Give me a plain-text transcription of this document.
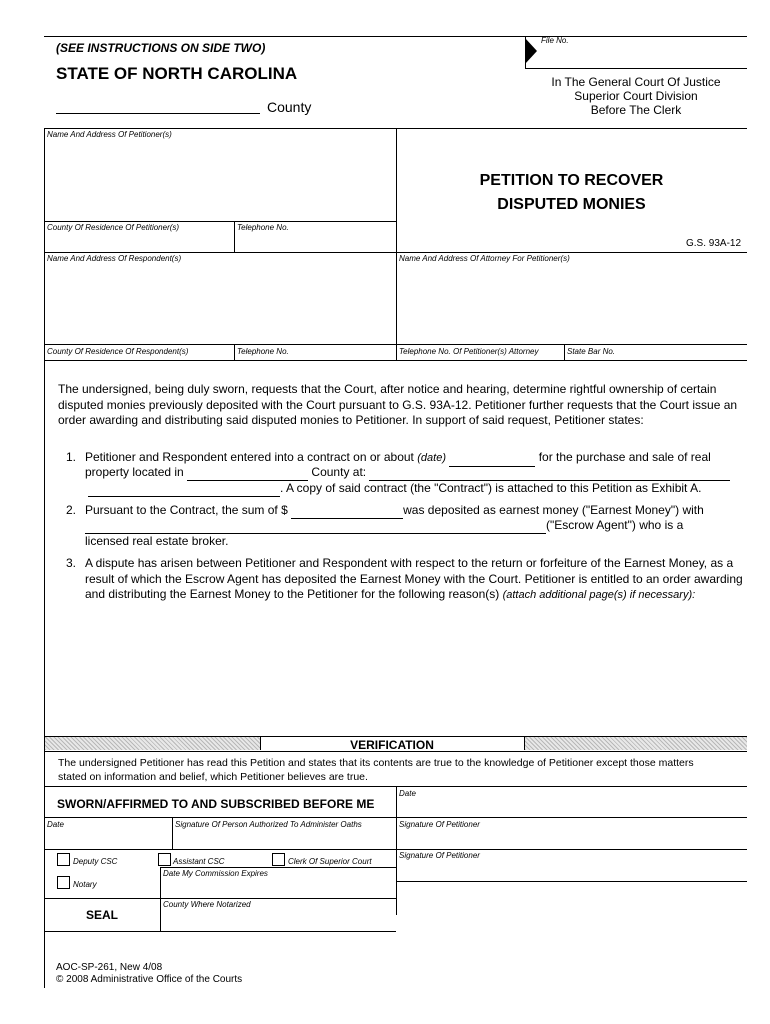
(SEE INSTRUCTIONS ON SIDE TWO)
STATE OF NORTH CAROLINA
County
File No.
In The General Court Of Justice
Superior Court Division
Before The Clerk
Name And Address Of Petitioner(s)
County Of Residence Of Petitioner(s)	Telephone No.
PETITION TO RECOVER
DISPUTED MONIES
G.S. 93A-12
Name And Address Of Respondent(s)	Name And Address Of Attorney For Petitioner(s)
County Of Residence Of Respondent(s)	Telephone No.	Telephone No. Of Petitioner(s) Attorney	State Bar No.
The undersigned, being duly sworn, requests that the Court, after notice and hearing, determine rightful ownership of certain disputed monies previously deposited with the Court pursuant to G.S. 93A-12. Petitioner further requests that the Court issue an order awarding and distributing said disputed monies to Petitioner. In support of said request, Petitioner states:
1. Petitioner and Respondent entered into a contract on or about (date)	for the purchase and sale of real
property located in	County at:
. A copy of said contract (the "Contract") is attached to this Petition as Exhibit A.
2. Pursuant to the Contract, the sum of $	was deposited as earnest money ("Earnest Money") with
("Escrow Agent") who is a
licensed real estate broker.
3. A dispute has arisen between Petitioner and Respondent with respect to the return or forfeiture of the Earnest Money, as a result of which the Escrow Agent has deposited the Earnest Money with the Court. Petitioner is entitled to an order awarding and distributing the Earnest Money to the Petitioner for the following reason(s) (attach additional page(s) if necessary):
VERIFICATION
The undersigned Petitioner has read this Petition and states that its contents are true to the knowledge of Petitioner except those matters stated on information and belief, which Petitioner believes are true.
SWORN/AFFIRMED TO AND SUBSCRIBED BEFORE ME
Date
Date	Signature Of Person Authorized To Administer Oaths	Signature Of Petitioner
Signature Of Petitioner
Deputy CSC	Assistant CSC	Clerk Of Superior Court
Date My Commission Expires
Notary
County Where Notarized
SEAL
AOC-SP-261, New 4/08
© 2008 Administrative Office of the Courts
